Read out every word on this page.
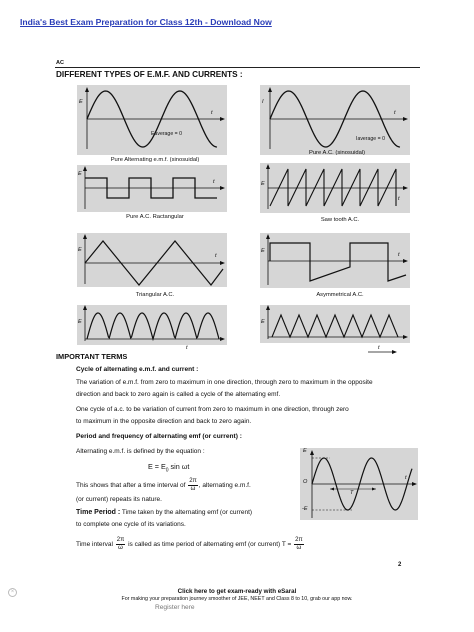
India's Best Exam Preparation for Class 12th - Download Now
AC
DIFFERENT TYPES OF E.M.F. AND CURRENTS :
E
t
Eaverage = 0
Pure Alternating e.m.f. (sinosuidal)
I
t
Iaverage = 0
Pure A.C. (sinosuidal)
E
t
Pure A.C. Ractangular
E
t
Saw tooth A.C.
E
t
Triangular A.C.
E
t
Asymmetrical A.C.
E
t
E
t
IMPORTANT TERMS
Cycle of alternating e.m.f. and current :
The variation of e.m.f. from zero to maximum in one direction, through zero to maximum in the opposite
direction and back to zero again is called a cycle of the alternating emf.
One cycle of a.c. to be variation of current from zero to maximum in one direction, through zero
to maximum in the opposite direction and back to zero again.
Period and frequency of alternating emf (or current) :
Alternating e.m.f. is defined by the equation :
$E = E_0$ sin ωt
This shows that after a time interval of $\frac{2\pi}{\omega}$ , alternating e.m.f.
(or current) repeats its nature.
Time Period : Time taken by the alternating emf (or current)
to complete one cycle of its variations.
Time interval $\frac{2\pi}{\omega}$ is called as time period of alternating emf (or current) $T = \frac{2\pi}{\omega}$
E
-E
O
T
t
2
×	Click here to get exam-ready with eSaral
For making your preparation journey smoother of JEE, NEET and Class 8 to 10, grab our app now.
Register here
